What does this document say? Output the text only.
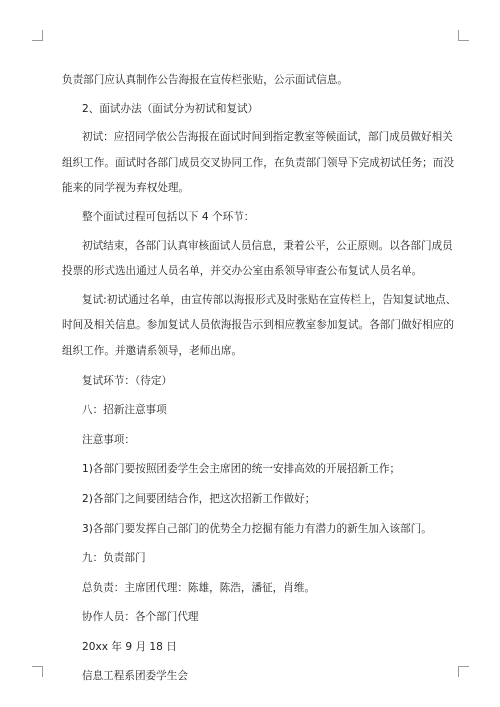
负责部门应认真制作公告海报在宣传栏张贴，公示面试信息。

2、面试办法（面试分为初试和复试）

初试：应招同学依公告海报在面试时间到指定教室等候面试，部门成员做好相关
组织工作。面试时各部门成员交叉协同工作，在负责部门领导下完成初试任务；而没
能来的同学视为弃权处理。

整个面试过程可包括以下 4 个环节：

初试结束，各部门认真审核面试人员信息，秉着公平，公正原则。以各部门成员
投票的形式选出通过人员名单，并交办公室由系领导审查公布复试人员名单。

复试:初试通过名单，由宣传部以海报形式及时张贴在宣传栏上，告知复试地点、
时间及相关信息。参加复试人员依海报告示到相应教室参加复试。各部门做好相应的
组织工作。并邀请系领导，老师出席。

复试环节：（待定）

八：招新注意事项

注意事项：

1)各部门要按照团委学生会主席团的统一安排高效的开展招新工作；

2)各部门之间要团结合作，把这次招新工作做好；

3)各部门要发挥自己部门的优势全力挖掘有能力有潜力的新生加入该部门。

九：负责部门

总负责：主席团代理：陈雄，陈浩，潘征，肖维。

协作人员：各个部门代理

20xx 年 9 月 18 日

信息工程系团委学生会
